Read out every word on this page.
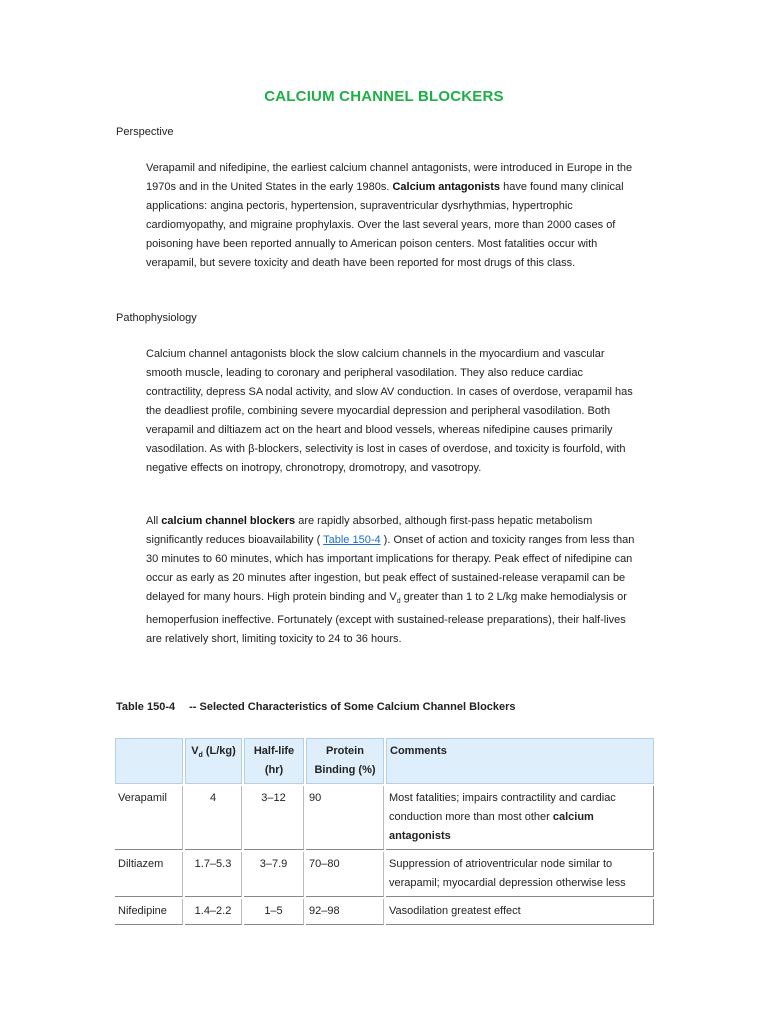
CALCIUM CHANNEL BLOCKERS
Perspective
Verapamil and nifedipine, the earliest calcium channel antagonists, were introduced in Europe in the 1970s and in the United States in the early 1980s. Calcium antagonists have found many clinical applications: angina pectoris, hypertension, supraventricular dysrhythmias, hypertrophic cardiomyopathy, and migraine prophylaxis. Over the last several years, more than 2000 cases of poisoning have been reported annually to American poison centers. Most fatalities occur with verapamil, but severe toxicity and death have been reported for most drugs of this class.
Pathophysiology
Calcium channel antagonists block the slow calcium channels in the myocardium and vascular smooth muscle, leading to coronary and peripheral vasodilation. They also reduce cardiac contractility, depress SA nodal activity, and slow AV conduction. In cases of overdose, verapamil has the deadliest profile, combining severe myocardial depression and peripheral vasodilation. Both verapamil and diltiazem act on the heart and blood vessels, whereas nifedipine causes primarily vasodilation. As with β-blockers, selectivity is lost in cases of overdose, and toxicity is fourfold, with negative effects on inotropy, chronotropy, dromotropy, and vasotropy.
All calcium channel blockers are rapidly absorbed, although first-pass hepatic metabolism significantly reduces bioavailability ( Table 150-4 ). Onset of action and toxicity ranges from less than 30 minutes to 60 minutes, which has important implications for therapy. Peak effect of nifedipine can occur as early as 20 minutes after ingestion, but peak effect of sustained-release verapamil can be delayed for many hours. High protein binding and $V_d$ greater than 1 to 2 L/kg make hemodialysis or hemoperfusion ineffective. Fortunately (except with sustained-release preparations), their half-lives are relatively short, limiting toxicity to 24 to 36 hours.
Table 150-4 -- Selected Characteristics of Some Calcium Channel Blockers
	$V_d$ (L/kg)	Half-life (hr)	Protein Binding (%)	Comments
Verapamil	4	3–12	90	Most fatalities; impairs contractility and cardiac conduction more than most other calcium antagonists
Diltiazem	1.7–5.3	3–7.9	70–80	Suppression of atrioventricular node similar to verapamil; myocardial depression otherwise less
Nifedipine	1.4–2.2	1–5	92–98	Vasodilation greatest effect
